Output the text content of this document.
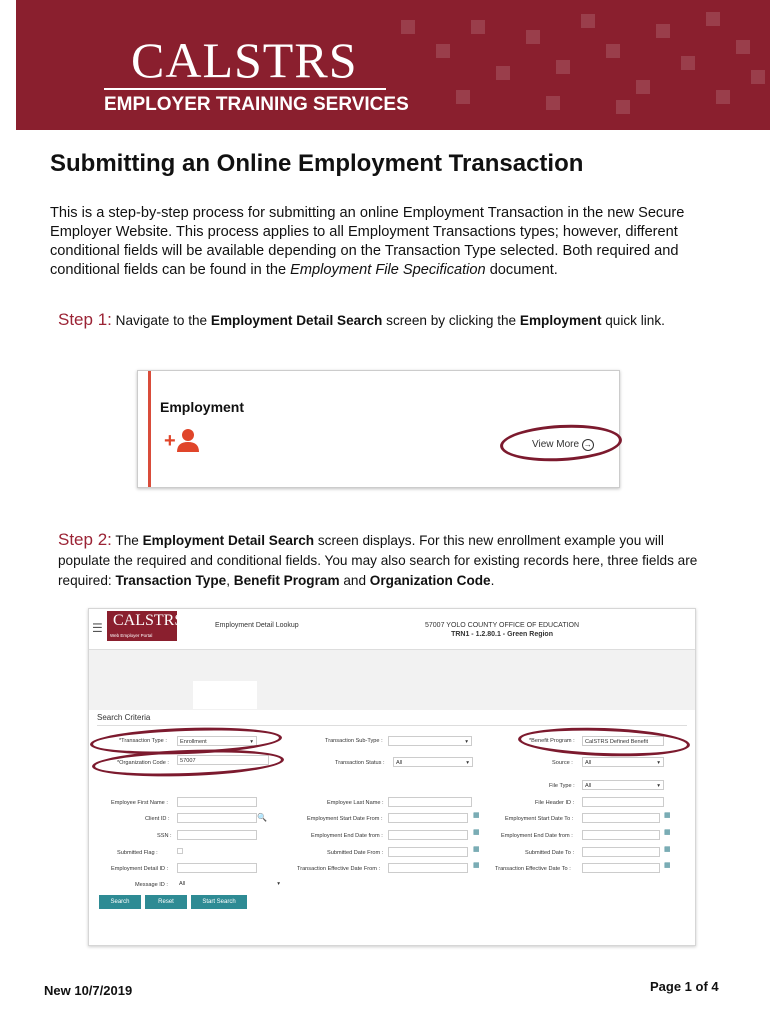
CALSTRS
EMPLOYER TRAINING SERVICES
Submitting an Online Employment Transaction
This is a step-by-step process for submitting an online Employment Transaction in the new Secure Employer Website. This process applies to all Employment Transactions types; however, different conditional fields will be available depending on the Transaction Type selected. Both required and conditional fields can be found in the Employment File Specification document.
Step 1: Navigate to the Employment Detail Search screen by clicking the Employment quick link.
Employment
+	View More →
Step 2: The Employment Detail Search screen displays. For this new enrollment example you will populate the required and conditional fields. You may also search for existing records here, three fields are required: Transaction Type, Benefit Program and Organization Code.
☰ CALSTRS
Web Employer Portal
Employment Detail Lookup	57007 YOLO COUNTY OFFICE OF EDUCATION
TRN1 - 1.2.80.1 - Green Region
Search Criteria
*Transaction Type :	Enrollment	▾	Transaction Sub-Type :	▾	*Benefit Program :	CalSTRS Defined Benefit
*Organization Code :	57007	Transaction Status :	All	▾	Source :	All	▾
File Type :	All	▾
Employee First Name :	Employee Last Name :	File Header ID :
Client ID :	🔍	Employment Start Date From :	▦	Employment Start Date To :	▦
SSN :	Employment End Date from :	▦	Employment End Date from :	▦
Submitted Flag :	Submitted Date From :	▦	Submitted Date To :	▦
Employment Detail ID :	Transaction Effective Date From :	▦	Transaction Effective Date To :	▦
Message ID :	All	▾
Search	Reset	Start Search
New 10/7/2019	Page 1 of 4
